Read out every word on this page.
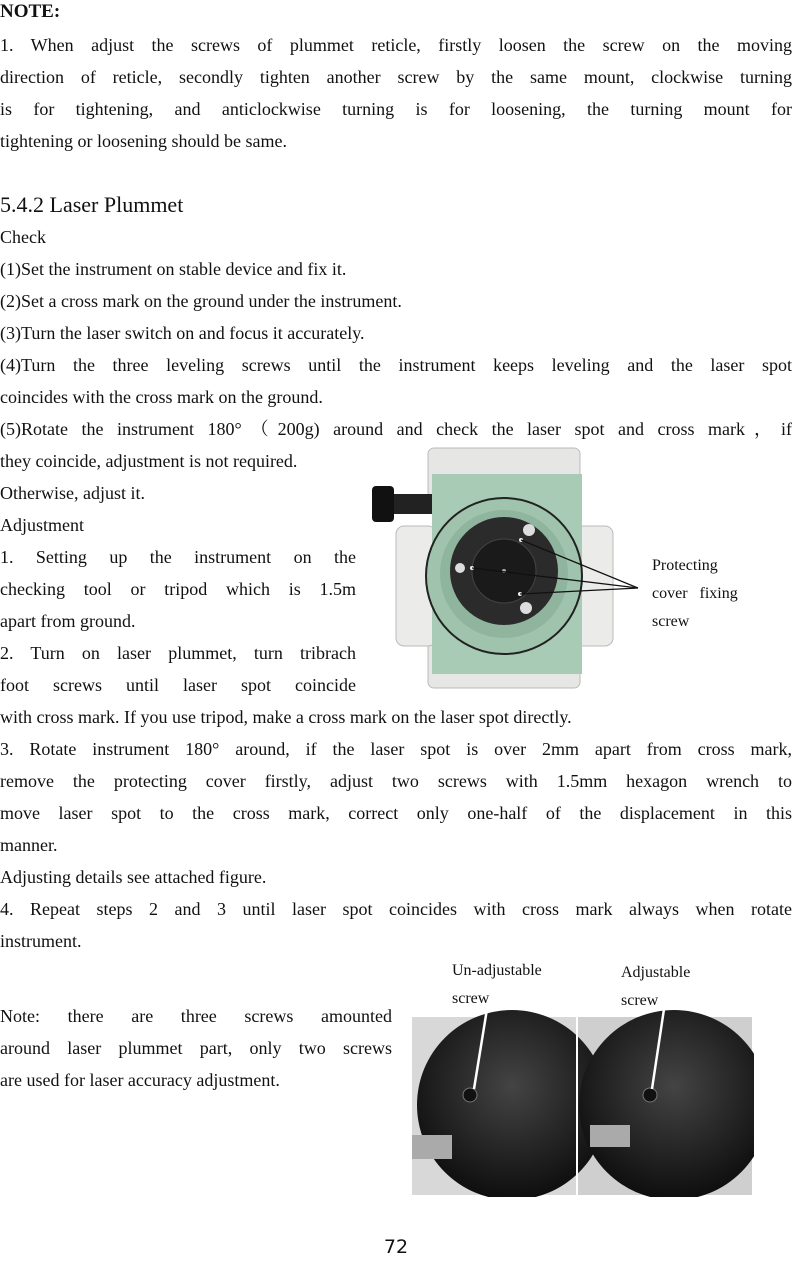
NOTE:
1. When adjust the screws of plummet reticle, firstly loosen the screw on the moving
direction of reticle, secondly tighten another screw by the same mount, clockwise turning
is for tightening, and anticlockwise turning is for loosening, the turning mount for
tightening or loosening should be same.
5.4.2 Laser Plummet
Check
(1)Set the instrument on stable device and fix it.
(2)Set a cross mark on the ground under the instrument.
(3)Turn the laser switch on and focus it accurately.
(4)Turn the three leveling screws until the instrument keeps leveling and the laser spot
coincides with the cross mark on the ground.
(5)Rotate the instrument 180°（200g) around and check the laser spot and cross mark，if
they coincide, adjustment is not required.
Otherwise, adjust it.
Adjustment
1. Setting up the instrument on the
checking tool or tripod which is 1.5m
apart from ground.
2. Turn on laser plummet, turn tribrach
foot screws until laser spot coincide
with cross mark. If you use tripod, make a cross mark on the laser spot directly.
3. Rotate instrument 180° around, if the laser spot is over 2mm apart from cross mark,
remove the protecting cover firstly, adjust two screws with 1.5mm hexagon wrench to
move laser spot to the cross mark, correct only one-half of the displacement in this
manner.
Adjusting details see attached figure.
4. Repeat steps 2 and 3 until laser spot coincides with cross mark always when rotate
instrument.
Note: there are three screws amounted
around laser plummet part, only two screws
are used for laser accuracy adjustment.
Protecting
cover   fixing
screw
Un-adjustable
screw
Adjustable
screw
72
